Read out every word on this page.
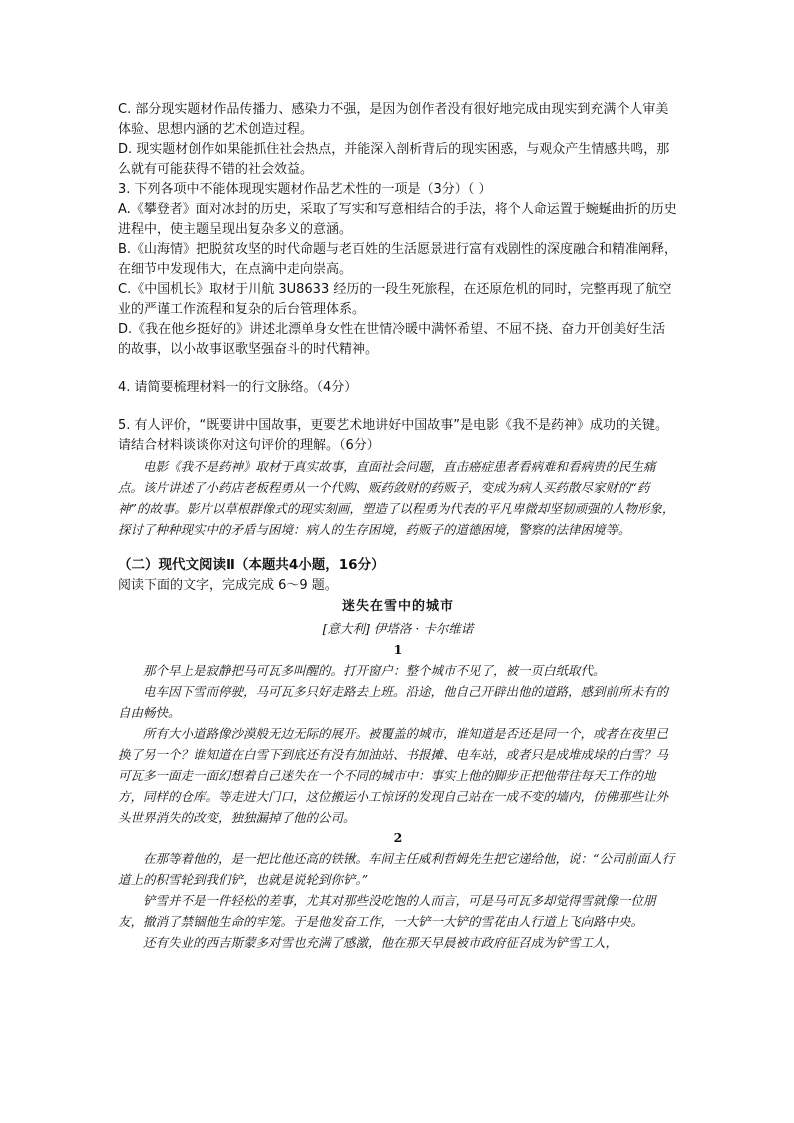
C. 部分现实题材作品传播力、感染力不强，是因为创作者没有很好地完成由现实到充满个人审美体验、思想内涵的艺术创造过程。

D. 现实题材创作如果能抓住社会热点，并能深入剖析背后的现实困惑，与观众产生情感共鸣，那么就有可能获得不错的社会效益。

3. 下列各项中不能体现现实题材作品艺术性的一项是（3分）（ ）

A.《攀登者》面对冰封的历史，采取了写实和写意相结合的手法，将个人命运置于蜿蜒曲折的历史进程中，使主题呈现出复杂多义的意涵。

B.《山海情》把脱贫攻坚的时代命题与老百姓的生活愿景进行富有戏剧性的深度融合和精准阐释，在细节中发现伟大，在点滴中走向崇高。

C.《中国机长》取材于川航 3U8633 经历的一段生死旅程，在还原危机的同时，完整再现了航空业的严谨工作流程和复杂的后台管理体系。

D.《我在他乡挺好的》讲述北漂单身女性在世情冷暖中满怀希望、不屈不挠、奋力开创美好生活的故事，以小故事讴歌坚强奋斗的时代精神。

4. 请简要梳理材料一的行文脉络。（4分）

5. 有人评价，“既要讲中国故事，更要艺术地讲好中国故事”是电影《我不是药神》成功的关键。请结合材料谈谈你对这句评价的理解。（6分）

电影《我不是药神》取材于真实故事，直面社会问题，直击癌症患者看病难和看病贵的民生痛点。该片讲述了小药店老板程勇从一个代购、贩药敛财的药贩子，变成为病人买药散尽家财的“药神”的故事。影片以草根群像式的现实刻画，塑造了以程勇为代表的平凡卑微却坚韧顽强的人物形象，探讨了种种现实中的矛盾与困境：病人的生存困境，药贩子的道德困境，警察的法律困境等。

（二）现代文阅读Ⅱ（本题共4小题，16分）

阅读下面的文字，完成完成 6～9 题。

迷失在雪中的城市

[意大利] 伊塔洛 · 卡尔维诺

1

那个早上是寂静把马可瓦多叫醒的。打开窗户：整个城市不见了，被一页白纸取代。

电车因下雪而停驶，马可瓦多只好走路去上班。沿途，他自己开辟出他的道路，感到前所未有的自由畅快。

所有大小道路像沙漠般无边无际的展开。被覆盖的城市，谁知道是否还是同一个，或者在夜里已换了另一个？谁知道在白雪下到底还有没有加油站、书报摊、电车站，或者只是成堆成垛的白雪？马可瓦多一面走一面幻想着自己迷失在一个不同的城市中：事实上他的脚步正把他带往每天工作的地方，同样的仓库。等走进大门口，这位搬运小工惊讶的发现自己站在一成不变的墙内，仿佛那些让外头世界消失的改变，独独漏掉了他的公司。

2

在那等着他的，是一把比他还高的铁锹。车间主任威利哲姆先生把它递给他，说：“公司前面人行道上的积雪轮到我们铲，也就是说轮到你铲。”

铲雪并不是一件轻松的差事，尤其对那些没吃饱的人而言，可是马可瓦多却觉得雪就像一位朋友，撤消了禁锢他生命的牢笼。于是他发奋工作，一大铲一大铲的雪花由人行道上飞向路中央。

还有失业的西吉斯蒙多对雪也充满了感激，他在那天早晨被市政府征召成为铲雪工人，
